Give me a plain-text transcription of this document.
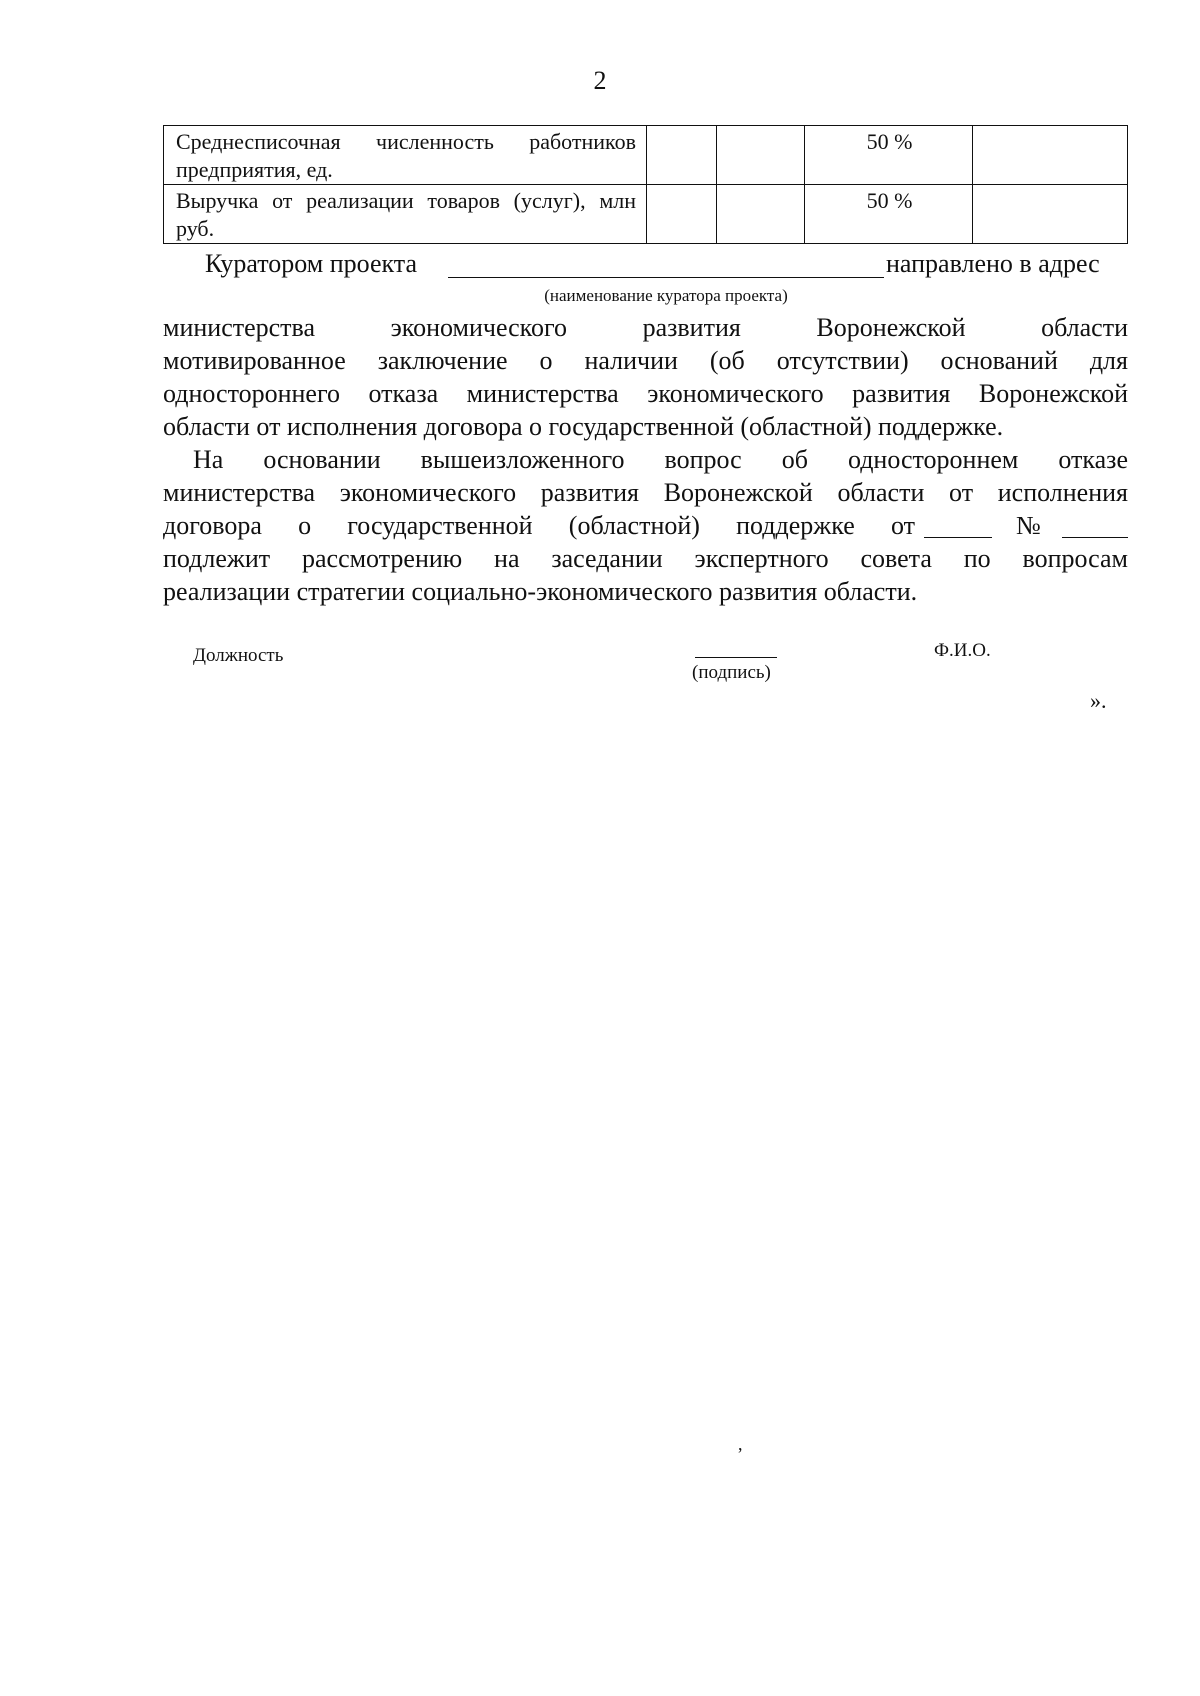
2
Среднесписочная численность работников предприятия, ед.			50 %	
Выручка от реализации товаров (услуг), млн руб.			50 %	
Куратором проекта	направлено в адрес
(наименование куратора проекта)
министерства экономического развития Воронежской области
мотивированное заключение о наличии (об отсутствии) оснований для
одностороннего отказа министерства экономического развития Воронежской
области от исполнения договора о государственной (областной) поддержке.
На основании вышеизложенного вопрос об одностороннем отказе
министерства экономического развития Воронежской области от исполнения
договора о государственной (областной) поддержке от	№
подлежит рассмотрению на заседании экспертного совета по вопросам
реализации стратегии социально-экономического развития области.
Должность
(подпись)
Ф.И.О.
».
,
